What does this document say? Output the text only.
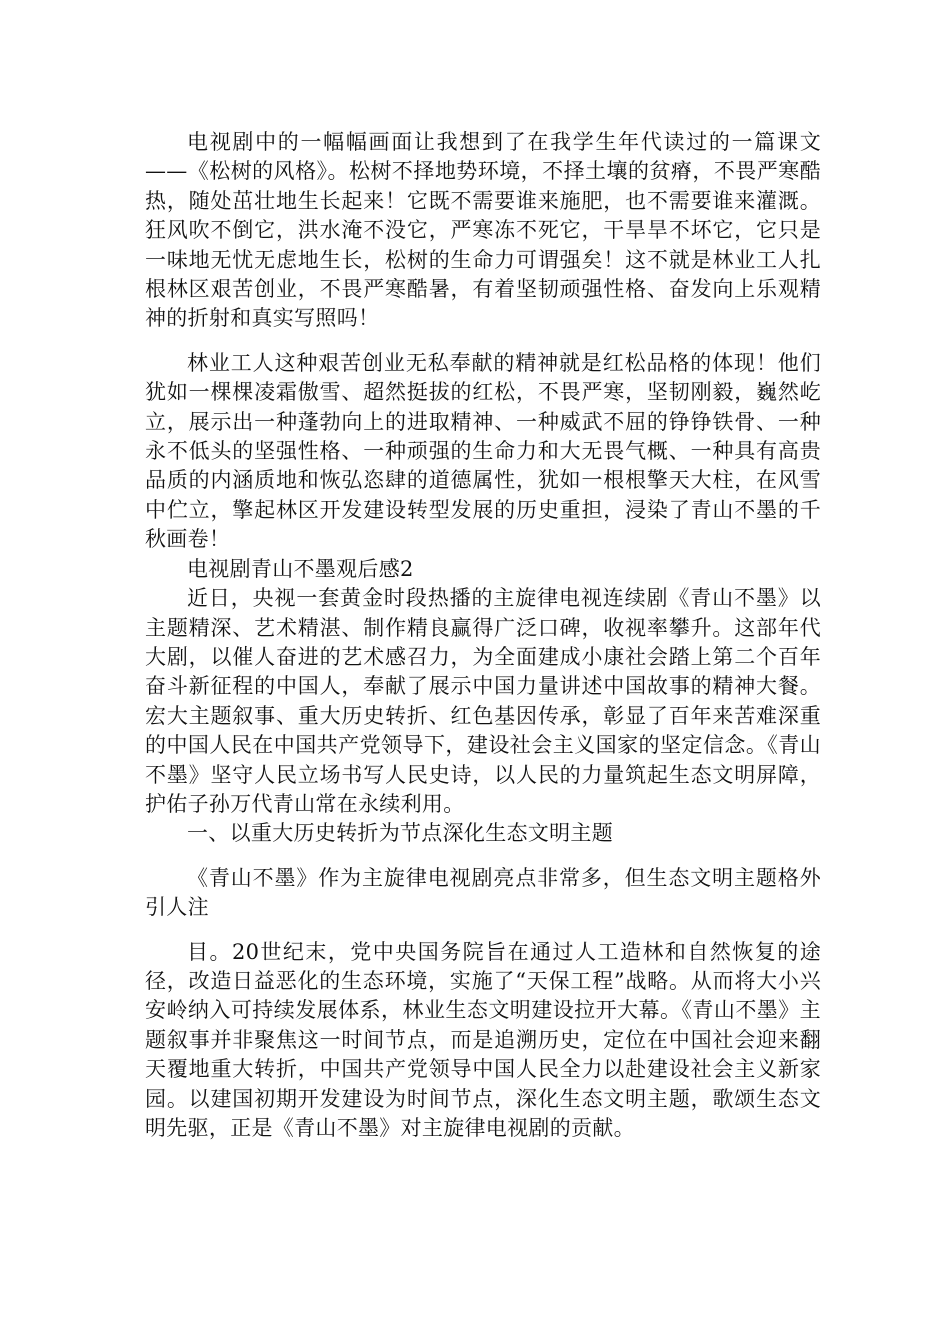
电视剧中的一幅幅画面让我想到了在我学生年代读过的一篇课文——《松树的风格》。松树不择地势环境，不择土壤的贫瘠，不畏严寒酷热，随处茁壮地生长起来！它既不需要谁来施肥，也不需要谁来灌溉。狂风吹不倒它，洪水淹不没它，严寒冻不死它，干旱旱不坏它，它只是一味地无忧无虑地生长，松树的生命力可谓强矣！这不就是林业工人扎根林区艰苦创业，不畏严寒酷暑，有着坚韧顽强性格、奋发向上乐观精神的折射和真实写照吗！

林业工人这种艰苦创业无私奉献的精神就是红松品格的体现！他们犹如一棵棵凌霜傲雪、超然挺拔的红松，不畏严寒，坚韧刚毅，巍然屹立，展示出一种蓬勃向上的进取精神、一种威武不屈的铮铮铁骨、一种永不低头的坚强性格、一种顽强的生命力和大无畏气概、一种具有高贵品质的内涵质地和恢弘恣肆的道德属性，犹如一根根擎天大柱，在风雪中伫立，擎起林区开发建设转型发展的历史重担，浸染了青山不墨的千秋画卷！

电视剧青山不墨观后感2

近日，央视一套黄金时段热播的主旋律电视连续剧《青山不墨》以主题精深、艺术精湛、制作精良赢得广泛口碑，收视率攀升。这部年代大剧，以催人奋进的艺术感召力，为全面建成小康社会踏上第二个百年奋斗新征程的中国人，奉献了展示中国力量讲述中国故事的精神大餐。宏大主题叙事、重大历史转折、红色基因传承，彰显了百年来苦难深重的中国人民在中国共产党领导下，建设社会主义国家的坚定信念。《青山不墨》坚守人民立场书写人民史诗，以人民的力量筑起生态文明屏障，护佑子孙万代青山常在永续利用。

一、以重大历史转折为节点深化生态文明主题

《青山不墨》作为主旋律电视剧亮点非常多，但生态文明主题格外引人注

目。20世纪末，党中央国务院旨在通过人工造林和自然恢复的途径，改造日益恶化的生态环境，实施了“天保工程”战略。从而将大小兴安岭纳入可持续发展体系，林业生态文明建设拉开大幕。《青山不墨》主题叙事并非聚焦这一时间节点，而是追溯历史，定位在中国社会迎来翻天覆地重大转折，中国共产党领导中国人民全力以赴建设社会主义新家园。以建国初期开发建设为时间节点，深化生态文明主题，歌颂生态文明先驱，正是《青山不墨》对主旋律电视剧的贡献。
